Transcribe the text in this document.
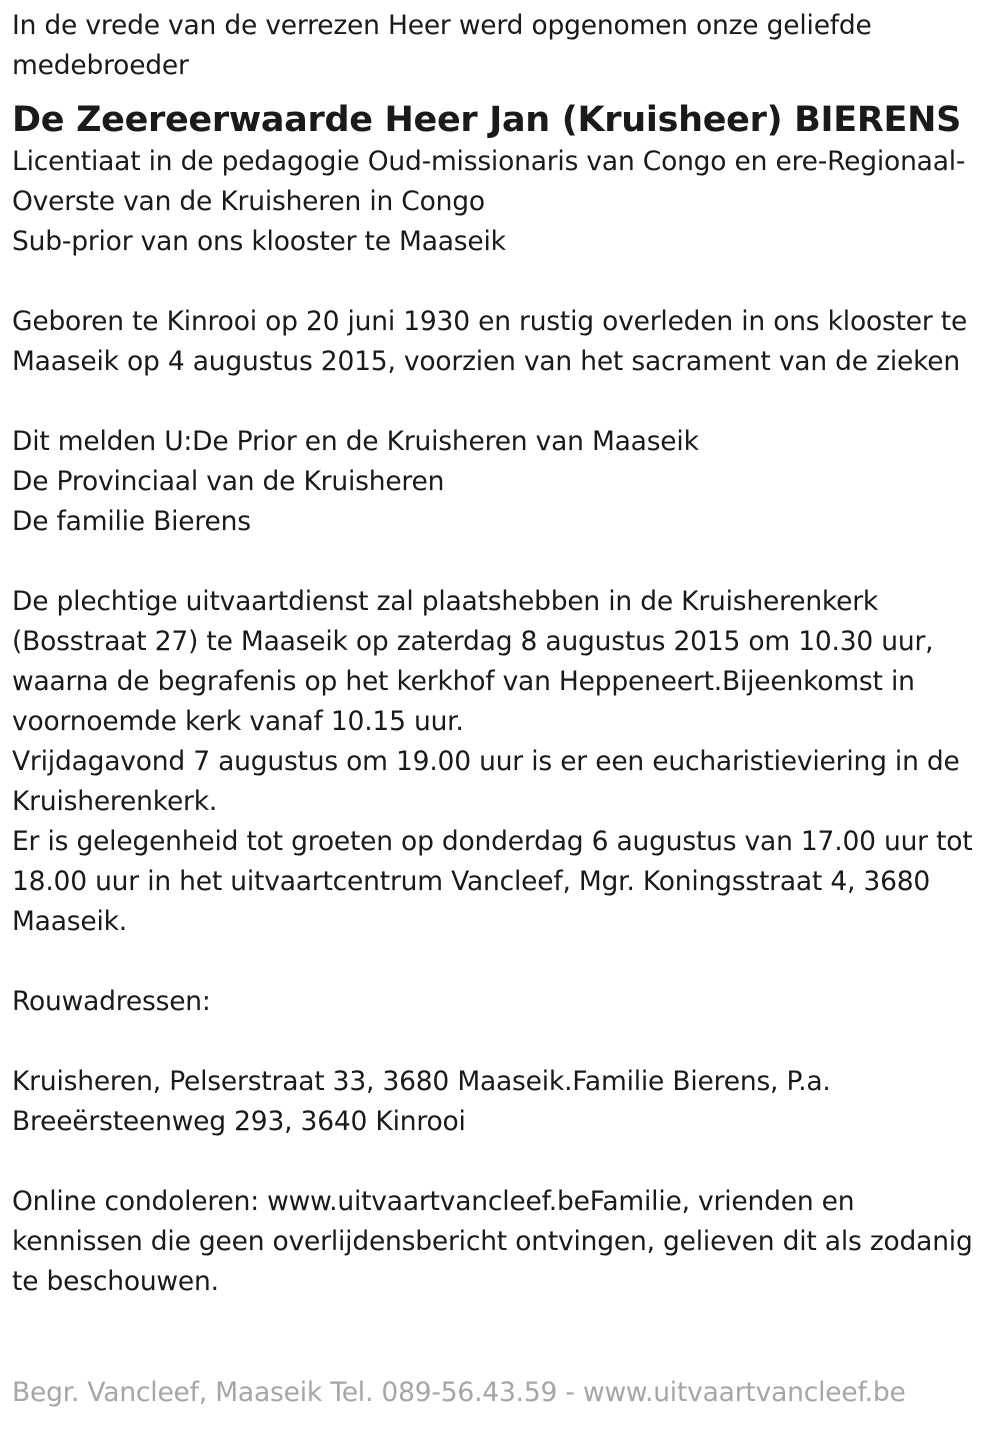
In de vrede van de verrezen Heer werd opgenomen onze geliefde
medebroeder
De Zeereerwaarde Heer Jan (Kruisheer) BIERENS
Licentiaat in de pedagogie Oud-missionaris van Congo en ere-Regionaal-
Overste van de Kruisheren in Congo
Sub-prior van ons klooster te Maaseik
Geboren te Kinrooi op 20 juni 1930 en rustig overleden in ons klooster te
Maaseik op 4 augustus 2015, voorzien van het sacrament van de zieken
Dit melden U:De Prior en de Kruisheren van Maaseik
De Provinciaal van de Kruisheren
De familie Bierens
De plechtige uitvaartdienst zal plaatshebben in de Kruisherenkerk
(Bosstraat 27) te Maaseik op zaterdag 8 augustus 2015 om 10.30 uur,
waarna de begrafenis op het kerkhof van Heppeneert.Bijeenkomst in
voornoemde kerk vanaf 10.15 uur.
Vrijdagavond 7 augustus om 19.00 uur is er een eucharistieviering in de
Kruisherenkerk.
Er is gelegenheid tot groeten op donderdag 6 augustus van 17.00 uur tot
18.00 uur in het uitvaartcentrum Vancleef, Mgr. Koningsstraat 4, 3680
Maaseik.
Rouwadressen:
Kruisheren, Pelserstraat 33, 3680 Maaseik.Familie Bierens, P.a.
Breeërsteenweg 293, 3640 Kinrooi
Online condoleren: www.uitvaartvancleef.beFamilie, vrienden en
kennissen die geen overlijdensbericht ontvingen, gelieven dit als zodanig
te beschouwen.
Begr. Vancleef, Maaseik Tel. 089-56.43.59 - www.uitvaartvancleef.be
